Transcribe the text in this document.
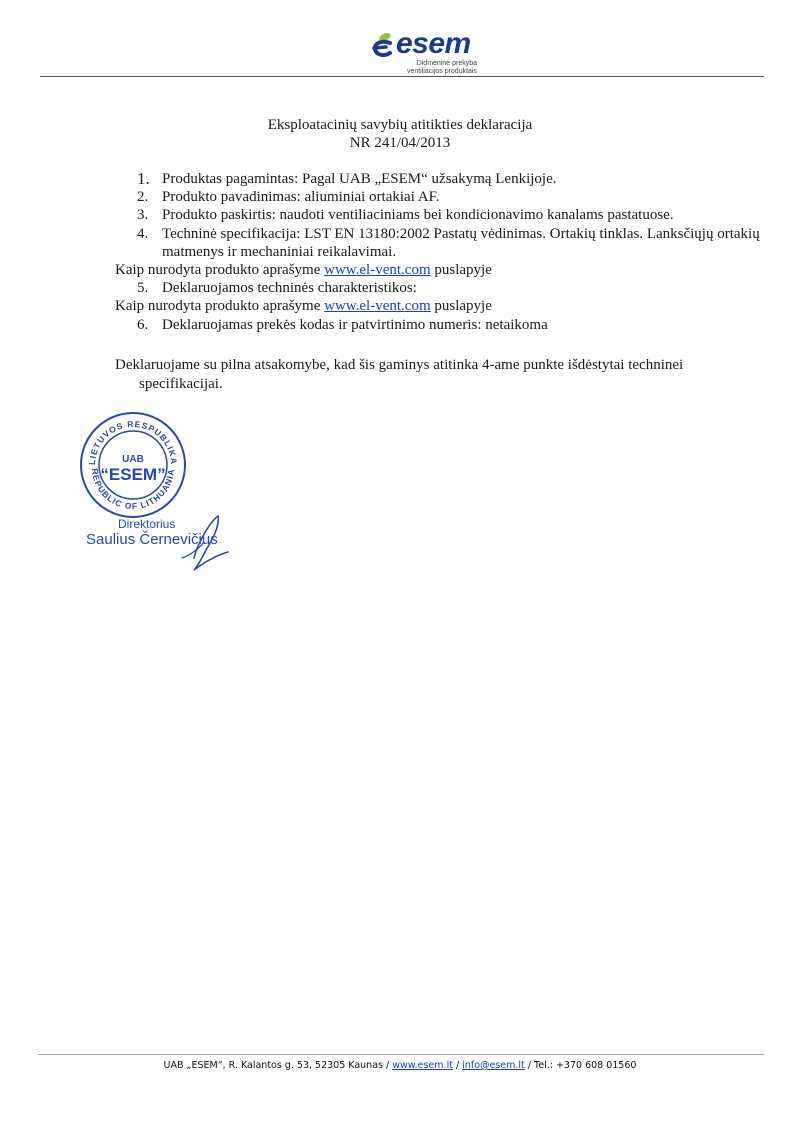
esem
Didmeninė prekyba
ventiliacijos produktais
Eksploatacinių savybių atitikties deklaracija
NR 241/04/2013
1. Produktas pagamintas: Pagal UAB „ESEM“ užsakymą Lenkijoje.
2. Produkto pavadinimas: aliuminiai ortakiai AF.
3. Produkto paskirtis: naudoti ventiliaciniams bei kondicionavimo kanalams pastatuose.
4. Techninė specifikacija: LST EN 13180:2002 Pastatų vėdinimas. Ortakių tinklas. Lanksčiųjų ortakių matmenys ir mechaniniai reikalavimai.
Kaip nurodyta produkto aprašyme www.el-vent.com puslapyje
5. Deklaruojamos techninės charakteristikos:
Kaip nurodyta produkto aprašyme www.el-vent.com puslapyje
6. Deklaruojamas prekės kodas ir patvirtinimo numeris: netaikoma
Deklaruojame su pilna atsakomybe, kad šis gaminys atitinka 4-ame punkte išdėstytai techninei
specifikacijai.
LIETUVOS RESPUBLIKA
REPUBLIC OF LITHUANIA
UAB
“ESEM”
Direktorius
Saulius Černevičius
UAB „ESEM“, R. Kalantos g. 53, 52305 Kaunas / www.esem.lt / info@esem.lt / Tel.: +370 608 01560
